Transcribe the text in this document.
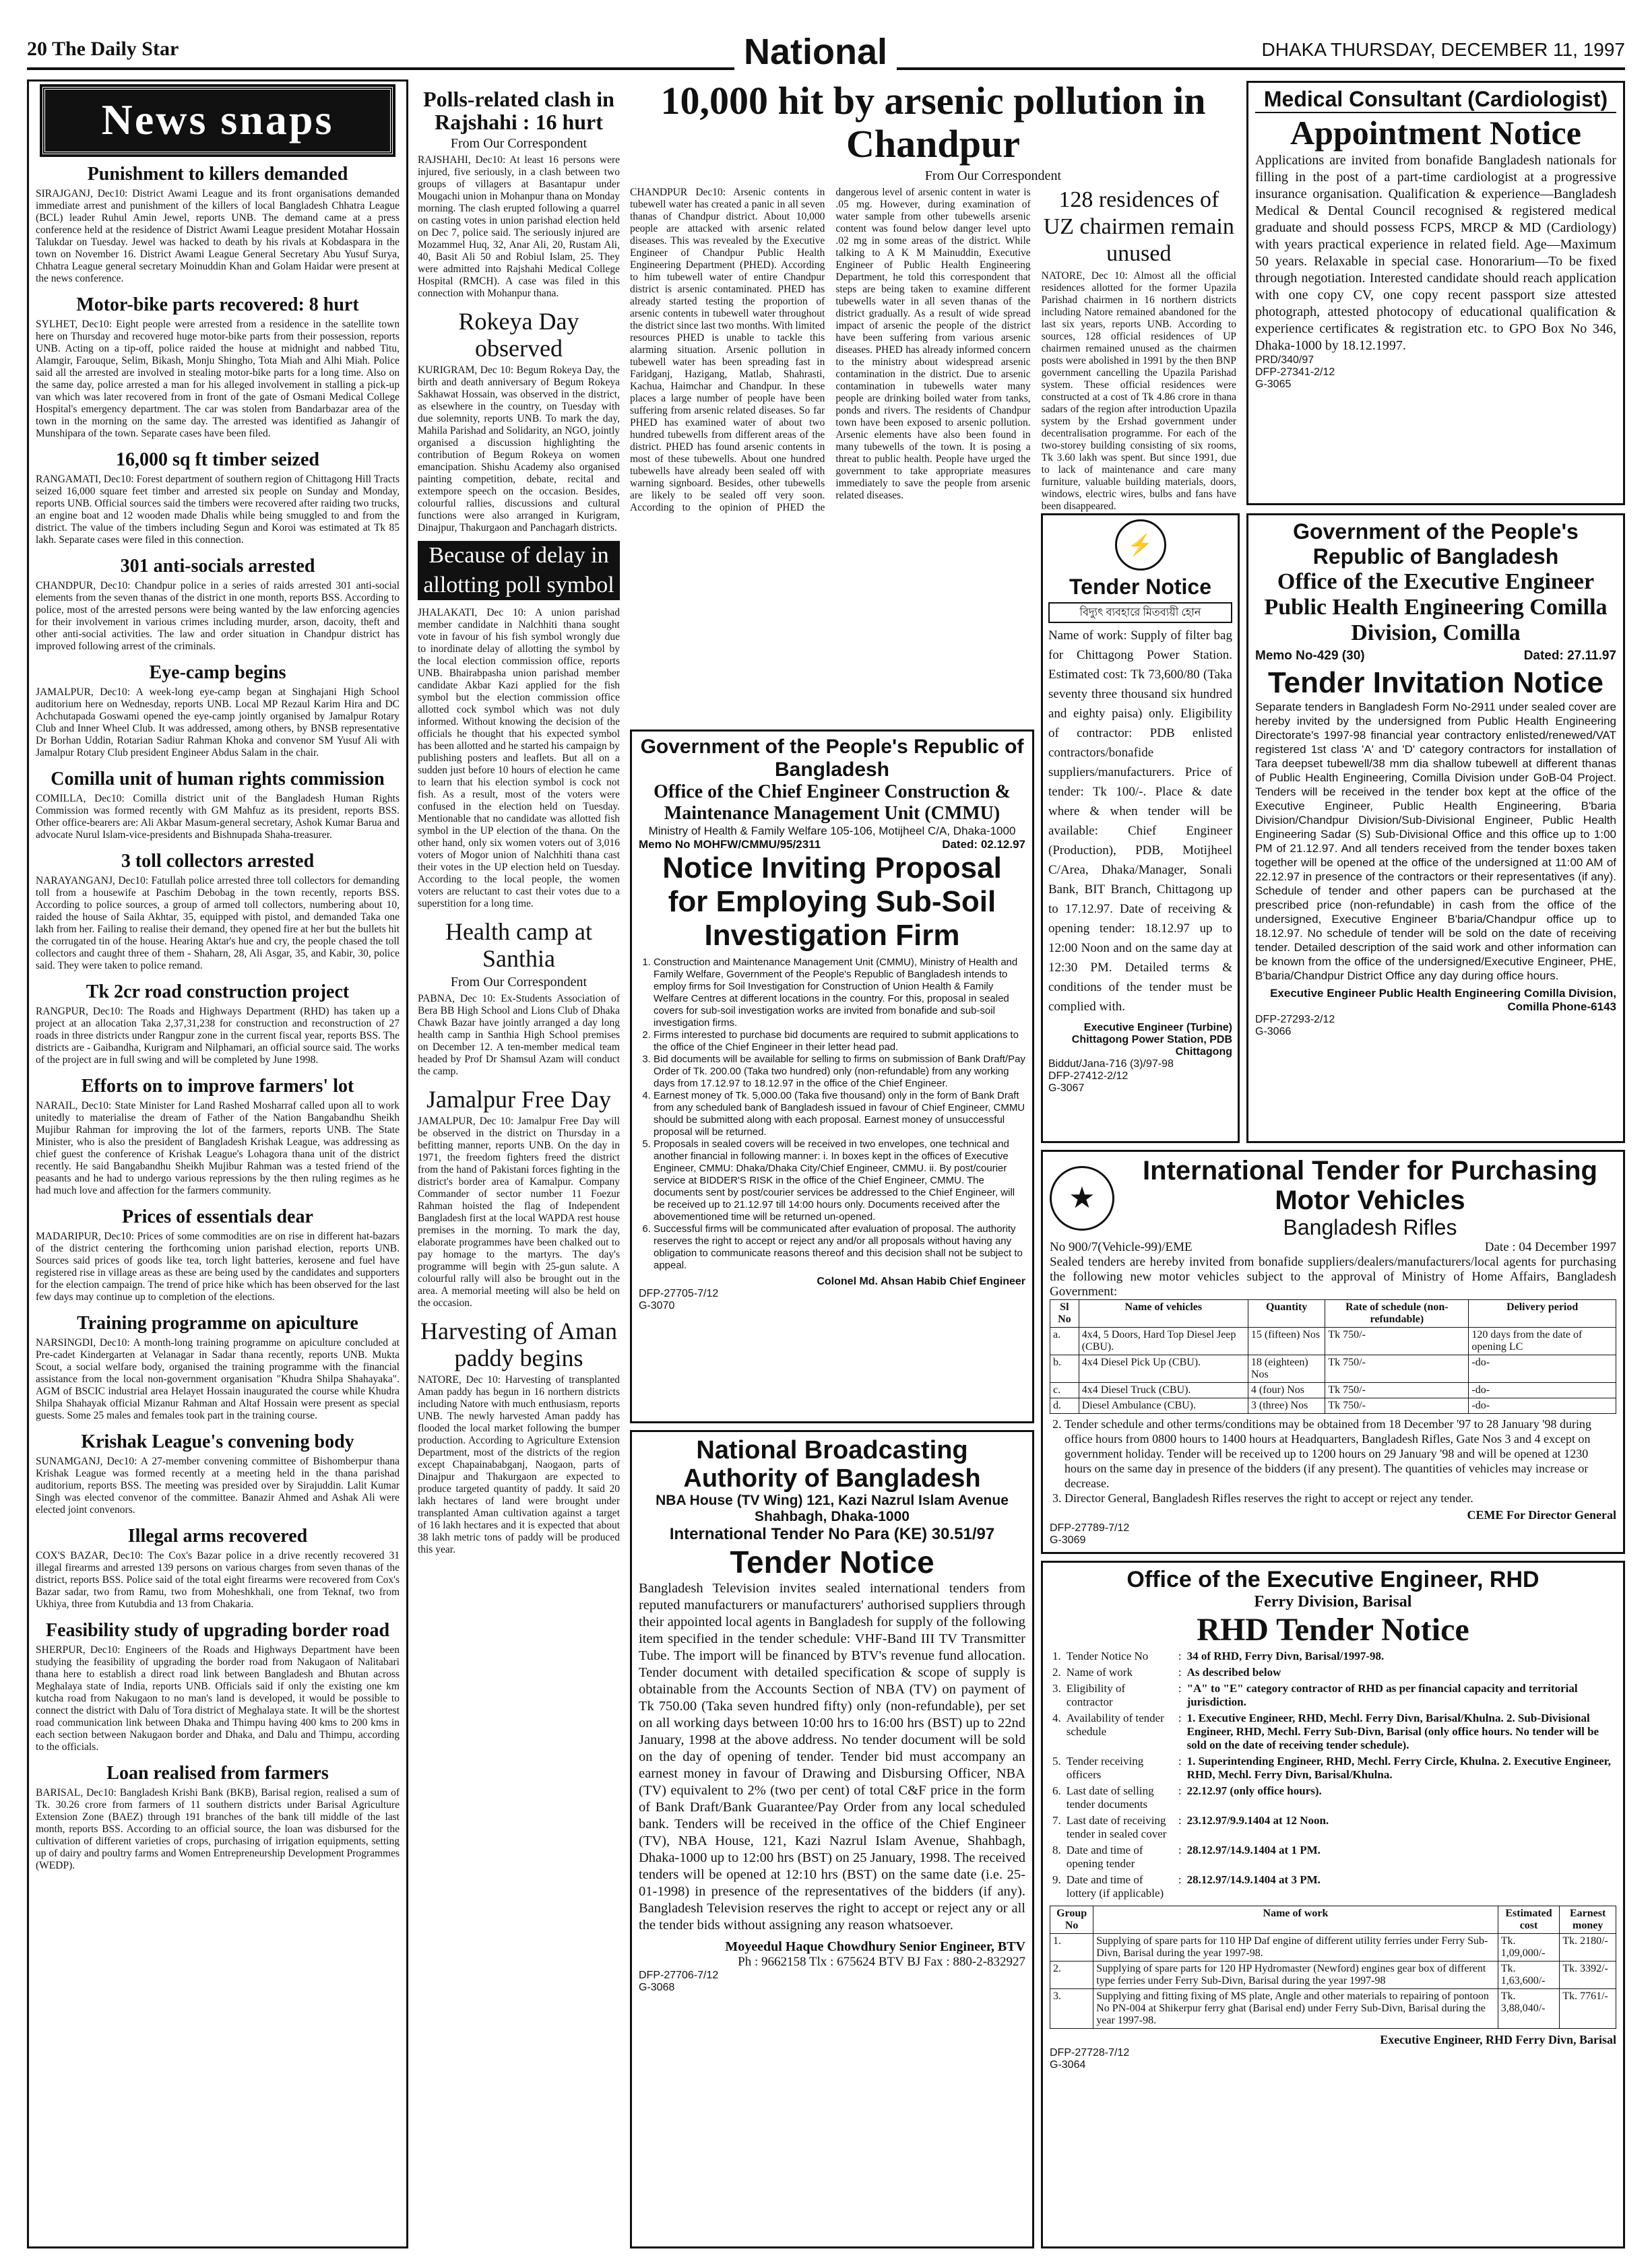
20 The Daily Star	National	DHAKA THURSDAY, DECEMBER 11, 1997
News snaps
Punishment to killers demanded
SIRAJGANJ, Dec10: District Awami League and its front organisations demanded immediate arrest and punishment of the killers of local Bangladesh Chhatra League (BCL) leader Ruhul Amin Jewel, reports UNB. The demand came at a press conference held at the residence of District Awami League president Motahar Hossain Talukdar on Tuesday. Jewel was hacked to death by his rivals at Kobdaspara in the town on November 16. District Awami League General Secretary Abu Yusuf Surya, Chhatra League general secretary Moinuddin Khan and Golam Haidar were present at the news conference.
Motor-bike parts recovered: 8 hurt
SYLHET, Dec10: Eight people were arrested from a residence in the satellite town here on Thursday and recovered huge motor-bike parts from their possession, reports UNB. Acting on a tip-off, police raided the house at midnight and nabbed Titu, Alamgir, Farouque, Selim, Bikash, Monju Shingho, Tota Miah and Alhi Miah. Police said all the arrested are involved in stealing motor-bike parts for a long time. Also on the same day, police arrested a man for his alleged involvement in stalling a pick-up van which was later recovered from in front of the gate of Osmani Medical College Hospital's emergency department. The car was stolen from Bandarbazar area of the town in the morning on the same day. The arrested was identified as Jahangir of Munshipara of the town. Separate cases have been filed.
16,000 sq ft timber seized
RANGAMATI, Dec10: Forest department of southern region of Chittagong Hill Tracts seized 16,000 square feet timber and arrested six people on Sunday and Monday, reports UNB. Official sources said the timbers were recovered after raiding two trucks, an engine boat and 12 wooden made Dhalis while being smuggled to and from the district. The value of the timbers including Segun and Koroi was estimated at Tk 85 lakh. Separate cases were filed in this connection.
301 anti-socials arrested
CHANDPUR, Dec10: Chandpur police in a series of raids arrested 301 anti-social elements from the seven thanas of the district in one month, reports BSS. According to police, most of the arrested persons were being wanted by the law enforcing agencies for their involvement in various crimes including murder, arson, dacoity, theft and other anti-social activities. The law and order situation in Chandpur district has improved following arrest of the criminals.
Eye-camp begins
JAMALPUR, Dec10: A week-long eye-camp began at Singhajani High School auditorium here on Wednesday, reports UNB. Local MP Rezaul Karim Hira and DC Achchutapada Goswami opened the eye-camp jointly organised by Jamalpur Rotary Club and Inner Wheel Club. It was addressed, among others, by BNSB representative Dr Borhan Uddin, Rotarian Sadiur Rahman Khoka and convenor SM Yusuf Ali with Jamalpur Rotary Club president Engineer Abdus Salam in the chair.
Comilla unit of human rights commission
COMILLA, Dec10: Comilla district unit of the Bangladesh Human Rights Commission was formed recently with GM Mahfuz as its president, reports BSS. Other office-bearers are: Ali Akbar Masum-general secretary, Ashok Kumar Barua and advocate Nurul Islam-vice-presidents and Bishnupada Shaha-treasurer.
3 toll collectors arrested
NARAYANGANJ, Dec10: Fatullah police arrested three toll collectors for demanding toll from a housewife at Paschim Debobag in the town recently, reports BSS. According to police sources, a group of armed toll collectors, numbering about 10, raided the house of Saila Akhtar, 35, equipped with pistol, and demanded Taka one lakh from her. Failing to realise their demand, they opened fire at her but the bullets hit the corrugated tin of the house. Hearing Aktar's hue and cry, the people chased the toll collectors and caught three of them - Shaharn, 28, Ali Asgar, 35, and Kabir, 30, police said. They were taken to police remand.
Tk 2cr road construction project
RANGPUR, Dec10: The Roads and Highways Department (RHD) has taken up a project at an allocation Taka 2,37,31,238 for construction and reconstruction of 27 roads in three districts under Rangpur zone in the current fiscal year, reports BSS. The districts are - Gaibandha, Kurigram and Nilphamari, an official source said. The works of the project are in full swing and will be completed by June 1998.
Efforts on to improve farmers' lot
NARAIL, Dec10: State Minister for Land Rashed Mosharraf called upon all to work unitedly to materialise the dream of Father of the Nation Bangabandhu Sheikh Mujibur Rahman for improving the lot of the farmers, reports UNB. The State Minister, who is also the president of Bangladesh Krishak League, was addressing as chief guest the conference of Krishak League's Lohagora thana unit of the district recently. He said Bangabandhu Sheikh Mujibur Rahman was a tested friend of the peasants and he had to undergo various repressions by the then ruling regimes as he had much love and affection for the farmers community.
Prices of essentials dear
MADARIPUR, Dec10: Prices of some commodities are on rise in different hat-bazars of the district centering the forthcoming union parishad election, reports UNB. Sources said prices of goods like tea, torch light batteries, kerosene and fuel have registered rise in village areas as these are being used by the candidates and supporters for the election campaign. The trend of price hike which has been observed for the last few days may continue up to completion of the elections.
Training programme on apiculture
NARSINGDI, Dec10: A month-long training programme on apiculture concluded at Pre-cadet Kindergarten at Velanagar in Sadar thana recently, reports UNB. Mukta Scout, a social welfare body, organised the training programme with the financial assistance from the local non-government organisation "Khudra Shilpa Shahayaka". AGM of BSCIC industrial area Helayet Hossain inaugurated the course while Khudra Shilpa Shahayak official Mizanur Rahman and Altaf Hossain were present as special guests. Some 25 males and females took part in the training course.
Krishak League's convening body
SUNAMGANJ, Dec10: A 27-member convening committee of Bishomberpur thana Krishak League was formed recently at a meeting held in the thana parishad auditorium, reports BSS. The meeting was presided over by Sirajuddin. Lalit Kumar Singh was elected convenor of the committee. Banazir Ahmed and Ashak Ali were elected joint convenors.
Illegal arms recovered
COX'S BAZAR, Dec10: The Cox's Bazar police in a drive recently recovered 31 illegal firearms and arrested 139 persons on various charges from seven thanas of the district, reports BSS. Police said of the total eight firearms were recovered from Cox's Bazar sadar, two from Ramu, two from Moheshkhali, one from Teknaf, two from Ukhiya, three from Kutubdia and 13 from Chakaria.
Feasibility study of upgrading border road
SHERPUR, Dec10: Engineers of the Roads and Highways Department have been studying the feasibility of upgrading the border road from Nakugaon of Nalitabari thana here to establish a direct road link between Bangladesh and Bhutan across Meghalaya state of India, reports UNB. Officials said if only the existing one km kutcha road from Nakugaon to no man's land is developed, it would be possible to connect the district with Dalu of Tora district of Meghalaya state. It will be the shortest road communication link between Dhaka and Thimpu having 400 kms to 200 kms in each section between Nakugaon border and Dhaka, and Dalu and Thimpu, according to the officials.
Loan realised from farmers
BARISAL, Dec10: Bangladesh Krishi Bank (BKB), Barisal region, realised a sum of Tk. 30.26 crore from farmers of 11 southern districts under Barisal Agriculture Extension Zone (BAEZ) through 191 branches of the bank till middle of the last month, reports BSS. According to an official source, the loan was disbursed for the cultivation of different varieties of crops, purchasing of irrigation equipments, setting up of dairy and poultry farms and Women Entrepreneurship Development Programmes (WEDP).
Polls-related clash in Rajshahi : 16 hurt
From Our Correspondent
RAJSHAHI, Dec10: At least 16 persons were injured, five seriously, in a clash between two groups of villagers at Basantapur under Mougachi union in Mohanpur thana on Monday morning. The clash erupted following a quarrel on casting votes in union parishad election held on Dec 7, police said. The seriously injured are Mozammel Huq, 32, Anar Ali, 20, Rustam Ali, 40, Basit Ali 50 and Robiul Islam, 25. They were admitted into Rajshahi Medical College Hospital (RMCH). A case was filed in this connection with Mohanpur thana.
Rokeya Day observed
KURIGRAM, Dec 10: Begum Rokeya Day, the birth and death anniversary of Begum Rokeya Sakhawat Hossain, was observed in the district, as elsewhere in the country, on Tuesday with due solemnity, reports UNB. To mark the day, Mahila Parishad and Solidarity, an NGO, jointly organised a discussion highlighting the contribution of Begum Rokeya on women emancipation. Shishu Academy also organised painting competition, debate, recital and extempore speech on the occasion. Besides, colourful rallies, discussions and cultural functions were also arranged in Kurigram, Dinajpur, Thakurgaon and Panchagarh districts.
Because of delay in allotting poll symbol
JHALAKATI, Dec 10: A union parishad member candidate in Nalchhiti thana sought vote in favour of his fish symbol wrongly due to inordinate delay of allotting the symbol by the local election commission office, reports UNB. Bhairabpasha union parishad member candidate Akbar Kazi applied for the fish symbol but the election commission office allotted cock symbol which was not duly informed. Without knowing the decision of the officials he thought that his expected symbol has been allotted and he started his campaign by publishing posters and leaflets. But all on a sudden just before 10 hours of election he came to learn that his election symbol is cock not fish. As a result, most of the voters were confused in the election held on Tuesday. Mentionable that no candidate was allotted fish symbol in the UP election of the thana. On the other hand, only six women voters out of 3,016 voters of Mogor union of Nalchhiti thana cast their votes in the UP election held on Tuesday. According to the local people, the women voters are reluctant to cast their votes due to a superstition for a long time.
Health camp at Santhia
From Our Correspondent
PABNA, Dec 10: Ex-Students Association of Bera BB High School and Lions Club of Dhaka Chawk Bazar have jointly arranged a day long health camp in Santhia High School premises on December 12. A ten-member medical team headed by Prof Dr Shamsul Azam will conduct the camp.
Jamalpur Free Day
JAMALPUR, Dec 10: Jamalpur Free Day will be observed in the district on Thursday in a befitting manner, reports UNB. On the day in 1971, the freedom fighters freed the district from the hand of Pakistani forces fighting in the district's border area of Kamalpur. Company Commander of sector number 11 Foezur Rahman hoisted the flag of Independent Bangladesh first at the local WAPDA rest house premises in the morning. To mark the day, elaborate programmes have been chalked out to pay homage to the martyrs. The day's programme will begin with 25-gun salute. A colourful rally will also be brought out in the area. A memorial meeting will also be held on the occasion.
Harvesting of Aman paddy begins
NATORE, Dec 10: Harvesting of transplanted Aman paddy has begun in 16 northern districts including Natore with much enthusiasm, reports UNB. The newly harvested Aman paddy has flooded the local market following the bumper production. According to Agriculture Extension Department, most of the districts of the region except Chapainababganj, Naogaon, parts of Dinajpur and Thakurgaon are expected to produce targeted quantity of paddy. It said 20 lakh hectares of land were brought under transplanted Aman cultivation against a target of 16 lakh hectares and it is expected that about 38 lakh metric tons of paddy will be produced this year.
10,000 hit by arsenic pollution in Chandpur
From Our Correspondent
CHANDPUR Dec10: Arsenic contents in tubewell water has created a panic in all seven thanas of Chandpur district. About 10,000 people are attacked with arsenic related diseases. This was revealed by the Executive Engineer of Chandpur Public Health Engineering Department (PHED). According to him tubewell water of entire Chandpur district is arsenic contaminated. PHED has already started testing the proportion of arsenic contents in tubewell water throughout the district since last two months. With limited resources PHED is unable to tackle this alarming situation. Arsenic pollution in tubewell water has been spreading fast in Faridganj, Hazigang, Matlab, Shahrasti, Kachua, Haimchar and Chandpur. In these places a large number of people have been suffering from arsenic related diseases. So far PHED has examined water of about two hundred tubewells from different areas of the district. PHED has found arsenic contents in most of these tubewells. About one hundred tubewells have already been sealed off with warning signboard. Besides, other tubewells are likely to be sealed off very soon. According to the opinion of PHED the dangerous level of arsenic content in water is .05 mg. However, during examination of water sample from other tubewells arsenic content was found below danger level upto .02 mg in some areas of the district. While talking to A K M Mainuddin, Executive Engineer of Public Health Engineering Department, he told this correspondent that steps are being taken to examine different tubewells water in all seven thanas of the district gradually. As a result of wide spread impact of arsenic the people of the district have been suffering from various arsenic diseases. PHED has already informed concern to the ministry about widespread arsenic contamination in the district. Due to arsenic contamination in tubewells water many people are drinking boiled water from tanks, ponds and rivers. The residents of Chandpur town have been exposed to arsenic pollution. Arsenic elements have also been found in many tubewells of the town. It is posing a threat to public health. People have urged the government to take appropriate measures immediately to save the people from arsenic related diseases.
128 residences of UZ chairmen remain unused
NATORE, Dec 10: Almost all the official residences allotted for the former Upazila Parishad chairmen in 16 northern districts including Natore remained abandoned for the last six years, reports UNB. According to sources, 128 official residences of UP chairmen remained unused as the chairmen posts were abolished in 1991 by the then BNP government cancelling the Upazila Parishad system. These official residences were constructed at a cost of Tk 4.86 crore in thana sadars of the region after introduction Upazila system by the Ershad government under decentralisation programme. For each of the two-storey building consisting of six rooms, Tk 3.60 lakh was spent. But since 1991, due to lack of maintenance and care many furniture, valuable building materials, doors, windows, electric wires, bulbs and fans have been disappeared.
Medical Consultant (Cardiologist)
Appointment Notice
Applications are invited from bonafide Bangladesh nationals for filling in the post of a part-time cardiologist at a progressive insurance organisation. Qualification & experience—Bangladesh Medical & Dental Council recognised & registered medical graduate and should possess FCPS, MRCP & MD (Cardiology) with years practical experience in related field. Age—Maximum 50 years. Relaxable in special case. Honorarium—To be fixed through negotiation. Interested candidate should reach application with one copy CV, one copy recent passport size attested photograph, attested photocopy of educational qualification & experience certificates & registration etc. to GPO Box No 346, Dhaka-1000 by 18.12.1997.
PRD/340/97
DFP-27341-2/12
G-3065
Government of the People's Republic of Bangladesh
Office of the Executive Engineer Public Health Engineering Comilla Division, Comilla
Memo No-429 (30)	Dated: 27.11.97
Tender Invitation Notice
Separate tenders in Bangladesh Form No-2911 under sealed cover are hereby invited by the undersigned from Public Health Engineering Directorate's 1997-98 financial year contractory enlisted/renewed/VAT registered 1st class 'A' and 'D' category contractors for installation of Tara deepset tubewell/38 mm dia shallow tubewell at different thanas of Public Health Engineering, Comilla Division under GoB-04 Project. Tenders will be received in the tender box kept at the office of the Executive Engineer, Public Health Engineering, B'baria Division/Chandpur Division/Sub-Divisional Engineer, Public Health Engineering Sadar (S) Sub-Divisional Office and this office up to 1:00 PM of 21.12.97. And all tenders received from the tender boxes taken together will be opened at the office of the undersigned at 11:00 AM of 22.12.97 in presence of the contractors or their representatives (if any). Schedule of tender and other papers can be purchased at the prescribed price (non-refundable) in cash from the office of the undersigned, Executive Engineer B'baria/Chandpur office up to 18.12.97. No schedule of tender will be sold on the date of receiving tender. Detailed description of the said work and other information can be known from the office of the undersigned/Executive Engineer, PHE, B'baria/Chandpur District Office any day during office hours.
Executive Engineer Public Health Engineering Comilla Division, Comilla Phone-6143
DFP-27293-2/12
G-3066
⚡
Tender Notice
বিদ্যুৎ ব্যবহারে মিতব্যয়ী হোন
Name of work: Supply of filter bag for Chittagong Power Station. Estimated cost: Tk 73,600/80 (Taka seventy three thousand six hundred and eighty paisa) only. Eligibility of contractor: PDB enlisted contractors/bonafide suppliers/manufacturers. Price of tender: Tk 100/-. Place & date where & when tender will be available: Chief Engineer (Production), PDB, Motijheel C/Area, Dhaka/Manager, Sonali Bank, BIT Branch, Chittagong up to 17.12.97. Date of receiving & opening tender: 18.12.97 up to 12:00 Noon and on the same day at 12:30 PM. Detailed terms & conditions of the tender must be complied with.
Executive Engineer (Turbine) Chittagong Power Station, PDB Chittagong
Biddut/Jana-716 (3)/97-98
DFP-27412-2/12
G-3067
Government of the People's Republic of Bangladesh
Office of the Chief Engineer Construction & Maintenance Management Unit (CMMU)
Ministry of Health & Family Welfare 105-106, Motijheel C/A, Dhaka-1000
Memo No MOHFW/CMMU/95/2311	Dated: 02.12.97
Notice Inviting Proposal for Employing Sub-Soil Investigation Firm
1. Construction and Maintenance Management Unit (CMMU), Ministry of Health and Family Welfare, Government of the People's Republic of Bangladesh intends to employ firms for Soil Investigation for Construction of Union Health & Family Welfare Centres at different locations in the country. For this, proposal in sealed covers for sub-soil investigation works are invited from bonafide and sub-soil investigation firms.
2. Firms interested to purchase bid documents are required to submit applications to the office of the Chief Engineer in their letter head pad.
3. Bid documents will be available for selling to firms on submission of Bank Draft/Pay Order of Tk. 200.00 (Taka two hundred) only (non-refundable) from any working days from 17.12.97 to 18.12.97 in the office of the Chief Engineer.
4. Earnest money of Tk. 5,000.00 (Taka five thousand) only in the form of Bank Draft from any scheduled bank of Bangladesh issued in favour of Chief Engineer, CMMU should be submitted along with each proposal. Earnest money of unsuccessful proposal will be returned.
5. Proposals in sealed covers will be received in two envelopes, one technical and another financial in following manner: i. In boxes kept in the offices of Executive Engineer, CMMU: Dhaka/Dhaka City/Chief Engineer, CMMU. ii. By post/courier service at BIDDER'S RISK in the office of the Chief Engineer, CMMU. The documents sent by post/courier services be addressed to the Chief Engineer, will be received up to 21.12.97 till 14:00 hours only. Documents received after the abovementioned time will be returned un-opened.
6. Successful firms will be communicated after evaluation of proposal. The authority reserves the right to accept or reject any and/or all proposals without having any obligation to communicate reasons thereof and this decision shall not be subject to appeal.
Colonel Md. Ahsan Habib Chief Engineer
DFP-27705-7/12
G-3070
National Broadcasting Authority of Bangladesh
NBA House (TV Wing) 121, Kazi Nazrul Islam Avenue Shahbagh, Dhaka-1000
International Tender No Para (KE) 30.51/97
Tender Notice
Bangladesh Television invites sealed international tenders from reputed manufacturers or manufacturers' authorised suppliers through their appointed local agents in Bangladesh for supply of the following item specified in the tender schedule: VHF-Band III TV Transmitter Tube. The import will be financed by BTV's revenue fund allocation. Tender document with detailed specification & scope of supply is obtainable from the Accounts Section of NBA (TV) on payment of Tk 750.00 (Taka seven hundred fifty) only (non-refundable), per set on all working days between 10:00 hrs to 16:00 hrs (BST) up to 22nd January, 1998 at the above address. No tender document will be sold on the day of opening of tender. Tender bid must accompany an earnest money in favour of Drawing and Disbursing Officer, NBA (TV) equivalent to 2% (two per cent) of total C&F price in the form of Bank Draft/Bank Guarantee/Pay Order from any local scheduled bank. Tenders will be received in the office of the Chief Engineer (TV), NBA House, 121, Kazi Nazrul Islam Avenue, Shahbagh, Dhaka-1000 up to 12:00 hrs (BST) on 25 January, 1998. The received tenders will be opened at 12:10 hrs (BST) on the same date (i.e. 25-01-1998) in presence of the representatives of the bidders (if any). Bangladesh Television reserves the right to accept or reject any or all the tender bids without assigning any reason whatsoever.
Moyeedul Haque Chowdhury Senior Engineer, BTV
Ph : 9662158 Tlx : 675624 BTV BJ Fax : 880-2-832927
DFP-27706-7/12
G-3068
★
International Tender for Purchasing Motor Vehicles
Bangladesh Rifles
No 900/7(Vehicle-99)/EME	Date : 04 December 1997
Sealed tenders are hereby invited from bonafide suppliers/dealers/manufacturers/local agents for purchasing the following new motor vehicles subject to the approval of Ministry of Home Affairs, Bangladesh Government:
Sl No	Name of vehicles	Quantity	Rate of schedule (non-refundable)	Delivery period
a.	4x4, 5 Doors, Hard Top Diesel Jeep (CBU).	15 (fifteen) Nos	Tk 750/-	120 days from the date of opening LC
b.	4x4 Diesel Pick Up (CBU).	18 (eighteen) Nos	Tk 750/-	-do-
c.	4x4 Diesel Truck (CBU).	4 (four) Nos	Tk 750/-	-do-
d.	Diesel Ambulance (CBU).	3 (three) Nos	Tk 750/-	-do-
2. Tender schedule and other terms/conditions may be obtained from 18 December '97 to 28 January '98 during office hours from 0800 hours to 1400 hours at Headquarters, Bangladesh Rifles, Gate Nos 3 and 4 except on government holiday. Tender will be received up to 1200 hours on 29 January '98 and will be opened at 1230 hours on the same day in presence of the bidders (if any present). The quantities of vehicles may increase or decrease.
3. Director General, Bangladesh Rifles reserves the right to accept or reject any tender.
CEME For Director General
DFP-27789-7/12
G-3069
Office of the Executive Engineer, RHD
Ferry Division, Barisal
RHD Tender Notice
1.	Tender Notice No	:	34 of RHD, Ferry Divn, Barisal/1997-98.
2.	Name of work	:	As described below
3.	Eligibility of contractor	:	"A" to "E" category contractor of RHD as per financial capacity and territorial jurisdiction.
4.	Availability of tender schedule	:	1. Executive Engineer, RHD, Mechl. Ferry Divn, Barisal/Khulna. 2. Sub-Divisional Engineer, RHD, Mechl. Ferry Sub-Divn, Barisal (only office hours. No tender will be sold on the date of receiving tender schedule).
5.	Tender receiving officers	:	1. Superintending Engineer, RHD, Mechl. Ferry Circle, Khulna. 2. Executive Engineer, RHD, Mechl. Ferry Divn, Barisal/Khulna.
6.	Last date of selling tender documents	:	22.12.97 (only office hours).
7.	Last date of receiving tender in sealed cover	:	23.12.97/9.9.1404 at 12 Noon.
8.	Date and time of opening tender	:	28.12.97/14.9.1404 at 1 PM.
9.	Date and time of lottery (if applicable)	:	28.12.97/14.9.1404 at 3 PM.
Group No	Name of work	Estimated cost	Earnest money
1.	Supplying of spare parts for 110 HP Daf engine of different utility ferries under Ferry Sub-Divn, Barisal during the year 1997-98.	Tk. 1,09,000/-	Tk. 2180/-
2.	Supplying of spare parts for 120 HP Hydromaster (Newford) engines gear box of different type ferries under Ferry Sub-Divn, Barisal during the year 1997-98	Tk. 1,63,600/-	Tk. 3392/-
3.	Supplying and fitting fixing of MS plate, Angle and other materials to repairing of pontoon No PN-004 at Shikerpur ferry ghat (Barisal end) under Ferry Sub-Divn, Barisal during the year 1997-98.	Tk. 3,88,040/-	Tk. 7761/-
Executive Engineer, RHD Ferry Divn, Barisal
DFP-27728-7/12
G-3064
